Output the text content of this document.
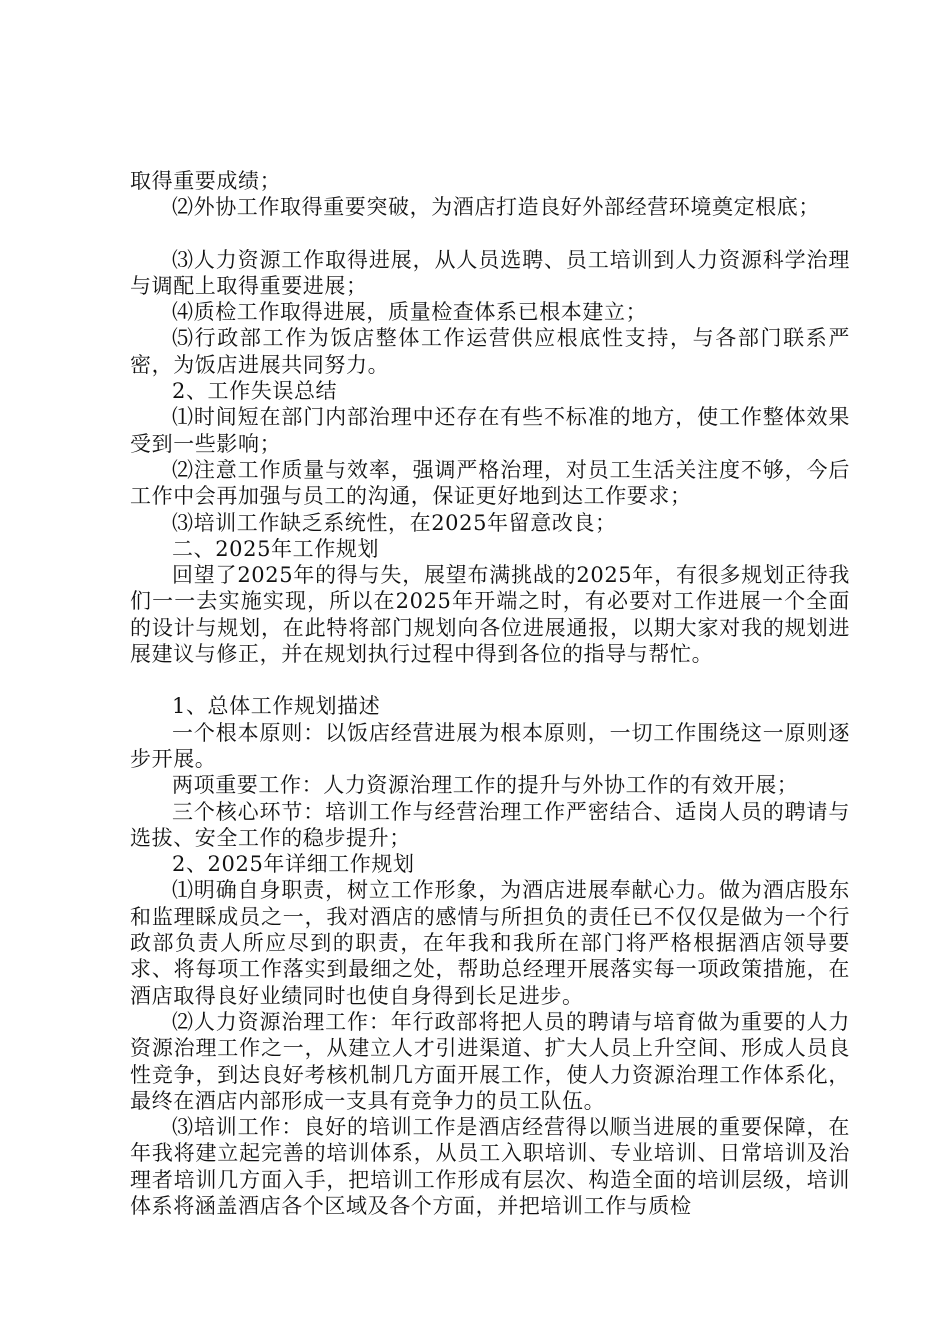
取得重要成绩；

⑵外协工作取得重要突破，为酒店打造良好外部经营环境奠定根底；

⑶人力资源工作取得进展，从人员选聘、员工培训到人力资源科学治理与调配上取得重要进展；

⑷质检工作取得进展，质量检查体系已根本建立；

⑸行政部工作为饭店整体工作运营供应根底性支持，与各部门联系严密，为饭店进展共同努力。

2、工作失误总结

⑴时间短在部门内部治理中还存在有些不标准的地方，使工作整体效果受到一些影响；

⑵注意工作质量与效率，强调严格治理，对员工生活关注度不够，今后工作中会再加强与员工的沟通，保证更好地到达工作要求；

⑶培训工作缺乏系统性，在2025年留意改良；

二、2025年工作规划

回望了2025年的得与失，展望布满挑战的2025年，有很多规划正待我们一一去实施实现，所以在2025年开端之时，有必要对工作进展一个全面的设计与规划，在此特将部门规划向各位进展通报，以期大家对我的规划进展建议与修正，并在规划执行过程中得到各位的指导与帮忙。

1、总体工作规划描述

一个根本原则：以饭店经营进展为根本原则，一切工作围绕这一原则逐步开展。

两项重要工作：人力资源治理工作的提升与外协工作的有效开展；

三个核心环节：培训工作与经营治理工作严密结合、适岗人员的聘请与选拔、安全工作的稳步提升；

2、2025年详细工作规划

⑴明确自身职责，树立工作形象，为酒店进展奉献心力。做为酒店股东和监理睬成员之一，我对酒店的感情与所担负的责任已不仅仅是做为一个行政部负责人所应尽到的职责，在年我和我所在部门将严格根据酒店领导要求、将每项工作落实到最细之处，帮助总经理开展落实每一项政策措施，在酒店取得良好业绩同时也使自身得到长足进步。

⑵人力资源治理工作：年行政部将把人员的聘请与培育做为重要的人力资源治理工作之一，从建立人才引进渠道、扩大人员上升空间、形成人员良性竞争，到达良好考核机制几方面开展工作，使人力资源治理工作体系化，最终在酒店内部形成一支具有竞争力的员工队伍。

⑶培训工作：良好的培训工作是酒店经营得以顺当进展的重要保障，在年我将建立起完善的培训体系，从员工入职培训、专业培训、日常培训及治理者培训几方面入手，把培训工作形成有层次、构造全面的培训层级，培训体系将涵盖酒店各个区域及各个方面，并把培训工作与质检
